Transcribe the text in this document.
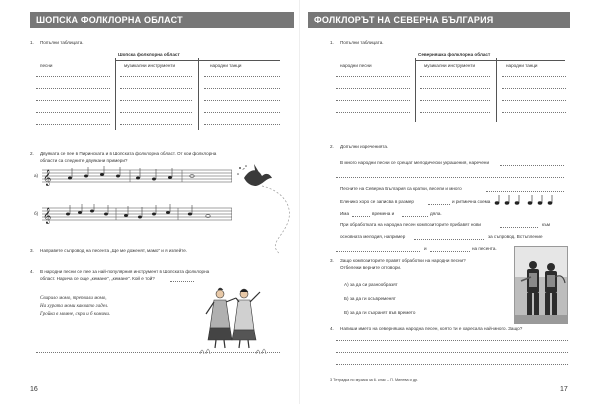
ШОПСКА ФОЛКЛОРНА ОБЛАСТ
1. Попълни таблицата.
Шопска фолклорна област
песни	музикални инструменти	народни танци
2. Двуяката се пее в Пиринската и в Шопската фолклорна област. От кои фолклорна
области са следните двуякани примери?
а) 𝄞
б) 𝄞
3. Направете съпровод на песента „Ще ме доженят, мамо“ и я изпейте.
4. В народни песни се пее за най-популярния инструмент в Шопската фолклорна
област. Нарича се още „кемане“, „кеманe“. Кой е той?
Свирило момо, трепвали момо,
На хурата моми каквато гадел.
Гройка в момне, скри и б комичи.
16
ФОЛКЛОРЪТ НА СЕВЕРНА БЪЛГАРИЯ
1. Попълни таблицата.
Северняшка фолклорна област
народни песни	музикални инструменти	народни танци
2. Допълни изреченията.
В много народни песни се срещат мелодически украшения, наречени
Песните на Северна България са кратки, весели и мнoгo
Еленико хоро се записва в размер	и ритмична схема
Има	времена и	дяла.
При обработката на народна песен композиторите прибавят нови	към
основната мелодия, например	за съпровод. Встъпление
и	на песента.
3. Защо композиторите правят обработки на народни песни?
Отбележи верните отговори.
А) за да си разнообразят
Б) за да ги осъвременят
В) за да ги съхранят във времето
4. Напиши името на северняшка народна песен, която ти е харесала най-много. Защо?
3 Тетрадка по музика за 6. клас – П. Минева и др.
17
